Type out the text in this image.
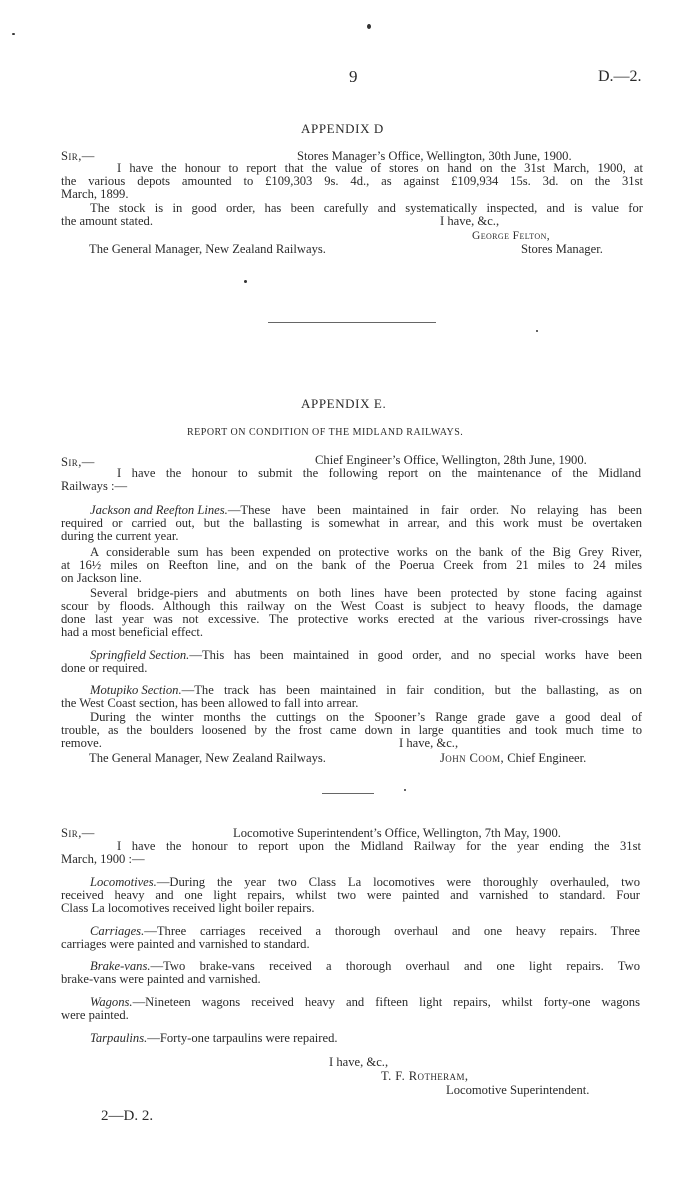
9	D.—2.
APPENDIX D
Sir,—	Stores Manager’s Office, Wellington, 30th June, 1900.
I have the honour to report that the value of stores on hand on the 31st March, 1900, at
the various depots amounted to £109,303 9s. 4d., as against £109,934 15s. 3d. on the 31st
March, 1899.
The stock is in good order, has been carefully and systematically inspected, and is value for
the amount stated.	I have, &c.,
George Felton,
The General Manager, New Zealand Railways.	Stores Manager.
APPENDIX E.
REPORT ON CONDITION OF THE MIDLAND RAILWAYS.
Sir,—	Chief Engineer’s Office, Wellington, 28th June, 1900.
I have the honour to submit the following report on the maintenance of the Midland
Railways :—
Jackson and Reefton Lines. —These have been maintained in fair order. No relaying has been
required or carried out, but the ballasting is somewhat in arrear, and this work must be overtaken
during the current year.
A considerable sum has been expended on protective works on the bank of the Big Grey River,
at 16½ miles on Reefton line, and on the bank of the Poerua Creek from 21 miles to 24 miles
on Jackson line.
Several bridge-piers and abutments on both lines have been protected by stone facing against
scour by floods. Although this railway on the West Coast is subject to heavy floods, the damage
done last year was not excessive. The protective works erected at the various river-crossings have
had a most beneficial effect.
Springfield Section. —This has been maintained in good order, and no special works have been
done or required.
Motupiko Section. —The track has been maintained in fair condition, but the ballasting, as on
the West Coast section, has been allowed to fall into arrear.
During the winter months the cuttings on the Spooner’s Range grade gave a good deal of
trouble, as the boulders loosened by the frost came down in large quantities and took much time to
remove.	I have, &c.,
The General Manager, New Zealand Railways.	John Coom, Chief Engineer.
Sir,—	Locomotive Superintendent’s Office, Wellington, 7th May, 1900.
I have the honour to report upon the Midland Railway for the year ending the 31st
March, 1900 :—
Locomotives. —During the year two Class La locomotives were thoroughly overhauled, two
received heavy and one light repairs, whilst two were painted and varnished to standard. Four
Class La locomotives received light boiler repairs.
Carriages. —Three carriages received a thorough overhaul and one heavy repairs. Three
carriages were painted and varnished to standard.
Brake-vans. —Two brake-vans received a thorough overhaul and one light repairs. Two
brake-vans were painted and varnished.
Wagons. —Nineteen wagons received heavy and fifteen light repairs, whilst forty-one wagons
were painted.
Tarpaulins.—Forty-one tarpaulins were repaired.
I have, &c.,
T. F. Rotheram,
Locomotive Superintendent.
2—D. 2.
